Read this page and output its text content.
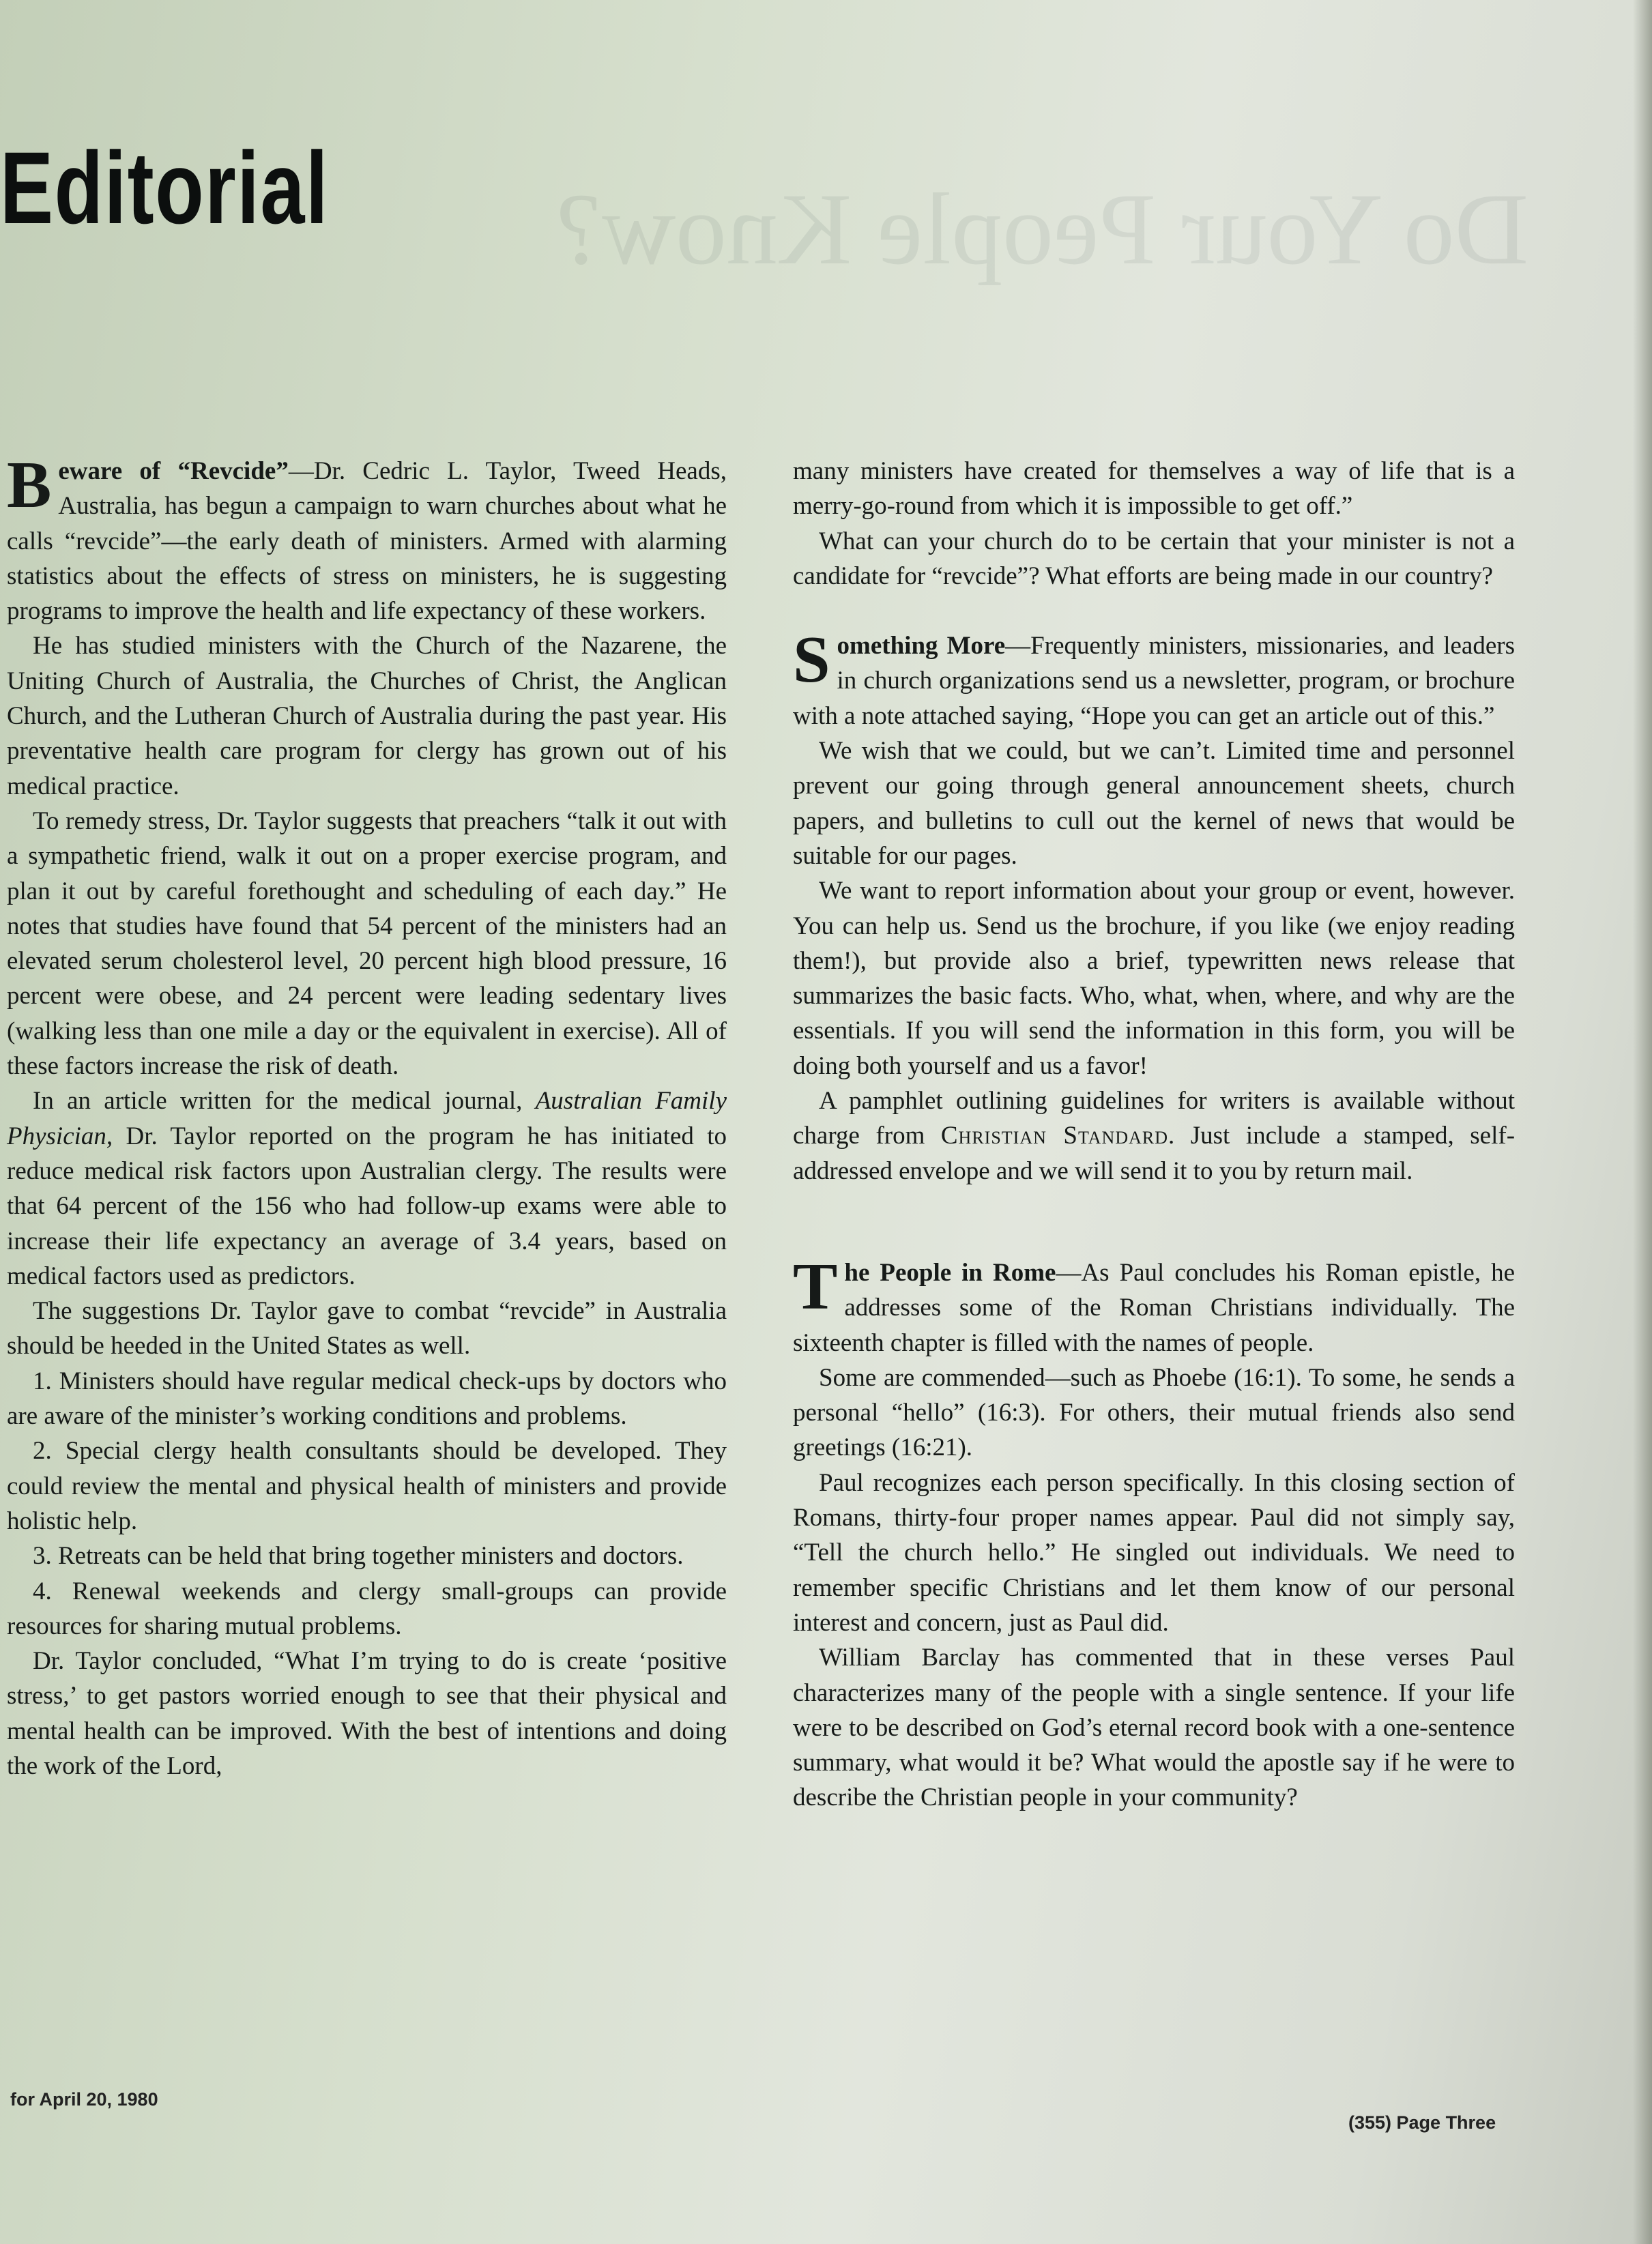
Do Your People Know?
Editorial

Beware of “Revcide”—Dr. Cedric L. Taylor, Tweed Heads, Australia, has begun a campaign to warn churches about what he calls “revcide”—the early death of ministers. Armed with alarming statistics about the effects of stress on ministers, he is suggesting programs to improve the health and life expectancy of these workers.

He has studied ministers with the Church of the Nazarene, the Uniting Church of Australia, the Churches of Christ, the Anglican Church, and the Lutheran Church of Australia during the past year. His preventative health care program for clergy has grown out of his medical practice.

To remedy stress, Dr. Taylor suggests that preachers “talk it out with a sympathetic friend, walk it out on a proper exercise program, and plan it out by careful forethought and scheduling of each day.” He notes that studies have found that 54 percent of the ministers had an elevated serum cholesterol level, 20 percent high blood pressure, 16 percent were obese, and 24 percent were leading sedentary lives (walking less than one mile a day or the equivalent in exercise). All of these factors increase the risk of death.

In an article written for the medical journal, Australian Family Physician, Dr. Taylor reported on the program he has initiated to reduce medical risk factors upon Australian clergy. The results were that 64 percent of the 156 who had follow-up exams were able to increase their life expectancy an average of 3.4 years, based on medical factors used as predictors.

The suggestions Dr. Taylor gave to combat “revcide” in Australia should be heeded in the United States as well.

1. Ministers should have regular medical check-ups by doctors who are aware of the minister’s working conditions and problems.

2. Special clergy health consultants should be developed. They could review the mental and physical health of ministers and provide holistic help.

3. Retreats can be held that bring together ministers and doctors.

4. Renewal weekends and clergy small-groups can provide resources for sharing mutual problems.

Dr. Taylor concluded, “What I’m trying to do is create ‘positive stress,’ to get pastors worried enough to see that their physical and mental health can be improved. With the best of intentions and doing the work of the Lord,

many ministers have created for themselves a way of life that is a merry-go-round from which it is impossible to get off.”

What can your church do to be certain that your minister is not a candidate for “revcide”? What efforts are being made in our country?

Something More—Frequently ministers, missionaries, and leaders in church organizations send us a newsletter, program, or brochure with a note attached saying, “Hope you can get an article out of this.”

We wish that we could, but we can’t. Limited time and personnel prevent our going through general announcement sheets, church papers, and bulletins to cull out the kernel of news that would be suitable for our pages.

We want to report information about your group or event, however. You can help us. Send us the brochure, if you like (we enjoy reading them!), but provide also a brief, typewritten news release that summarizes the basic facts. Who, what, when, where, and why are the essentials. If you will send the information in this form, you will be doing both yourself and us a favor!

A pamphlet outlining guidelines for writers is available without charge from Christian Standard. Just include a stamped, self-addressed envelope and we will send it to you by return mail.

The People in Rome—As Paul concludes his Roman epistle, he addresses some of the Roman Christians individually. The sixteenth chapter is filled with the names of people.

Some are commended—such as Phoebe (16:1). To some, he sends a personal “hello” (16:3). For others, their mutual friends also send greetings (16:21).

Paul recognizes each person specifically. In this closing section of Romans, thirty-four proper names appear. Paul did not simply say, “Tell the church hello.” He singled out individuals. We need to remember specific Christians and let them know of our personal interest and concern, just as Paul did.

William Barclay has commented that in these verses Paul characterizes many of the people with a single sentence. If your life were to be described on God’s eternal record book with a one-sentence summary, what would it be? What would the apostle say if he were to describe the Christian people in your community?

for April 20, 1980
(355) Page Three
